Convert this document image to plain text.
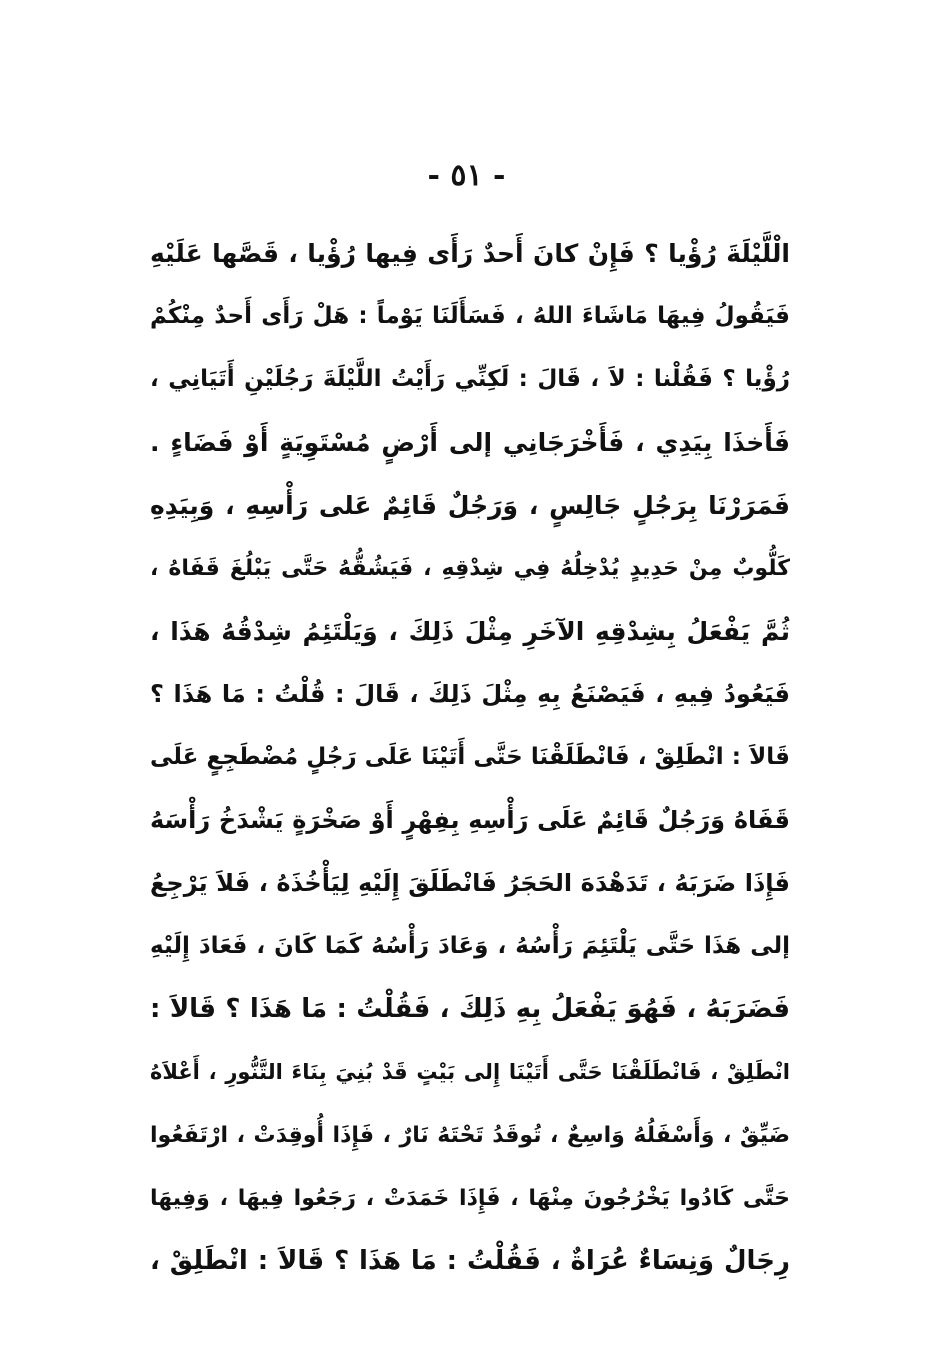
- ٥١ -
الْلَّيْلَةَ رُؤْيا ؟ فَإِنْ كانَ أَحدٌ رَأَى فِيها رُؤْيا ، قَصَّها عَلَيْهِ
فَيَقُولُ فِيهَا مَاشَاءَ اللهُ ، فَسَأَلَنَا يَوْماً : هَلْ رَأَى أَحدٌ مِنْكُمْ
رُؤْيا ؟ فَقُلْنا : لاَ ، قَالَ : لَكِنِّي رَأَيْتُ اللَّيْلَةَ رَجُلَيْنِ أَتَيَانِي ،
فَأَخذَا بِيَدِي ، فَأَخْرَجَانِي إلى أَرْضٍ مُسْتَوِيَةٍ أَوْ فَضَاءٍ .
فَمَرَرْنَا بِرَجُلٍ جَالِسٍ ، وَرَجُلٌ قَائِمٌ عَلى رَأْسِهِ ، وَبِيَدِهِ
كَلُّوبٌ مِنْ حَدِيدٍ يُدْخِلُهُ فِي شِدْقِهِ ، فَيَشُقُّهُ حَتَّى يَبْلُغَ قَفَاهُ ،
ثُمَّ يَفْعَلُ بِشِدْقِهِ الآخَرِ مِثْلَ ذَلِكَ ، وَيَلْتَئِمُ شِدْقُهُ هَذَا ،
فَيَعُودُ فِيهِ ، فَيَصْنَعُ بِهِ مِثْلَ ذَلِكَ ، قَالَ : قُلْتُ : مَا هَذَا ؟
قَالاَ : انْطَلِقْ ، فَانْطَلَقْنَا حَتَّى أَتَيْنَا عَلَى رَجُلٍ مُضْطَجِعٍ عَلَى
قَفَاهُ وَرَجُلٌ قَائِمٌ عَلَى رَأْسِهِ بِفِهْرٍ أَوْ صَخْرَةٍ يَشْدَخُ رَأْسَهُ
فَإِذَا ضَرَبَهُ ، تَدَهْدَهَ الحَجَرُ فَانْطَلَقَ إِلَيْهِ لِيَأْخُذَهُ ، فَلاَ يَرْجِعُ
إلى هَذَا حَتَّى يَلْتَئِمَ رَأْسُهُ ، وَعَادَ رَأْسُهُ كَمَا كَانَ ، فَعَادَ إِلَيْهِ
فَضَرَبَهُ ، فَهُوَ يَفْعَلُ بِهِ ذَلِكَ ، فَقُلْتُ : مَا هَذَا ؟ قَالاَ :
انْطَلِقْ ، فَانْطَلَقْنَا حَتَّى أَتَيْنَا إِلى بَيْتٍ قَدْ بُنِيَ بِنَاءَ التَّنُّورِ ، أَعْلاَهُ
ضَيِّقٌ ، وَأَسْفَلُهُ وَاسِعٌ ، تُوقَدُ تَحْتَهُ نَارٌ ، فَإِذَا أُوقِدَتْ ، ارْتَفَعُوا
حَتَّى كَادُوا يَخْرُجُونَ مِنْهَا ، فَإِذَا خَمَدَتْ ، رَجَعُوا فِيهَا ، وَفِيهَا
رِجَالٌ وَنِسَاءٌ عُرَاةٌ ، فَقُلْتُ : مَا هَذَا ؟ قَالاَ : انْطَلِقْ ،
